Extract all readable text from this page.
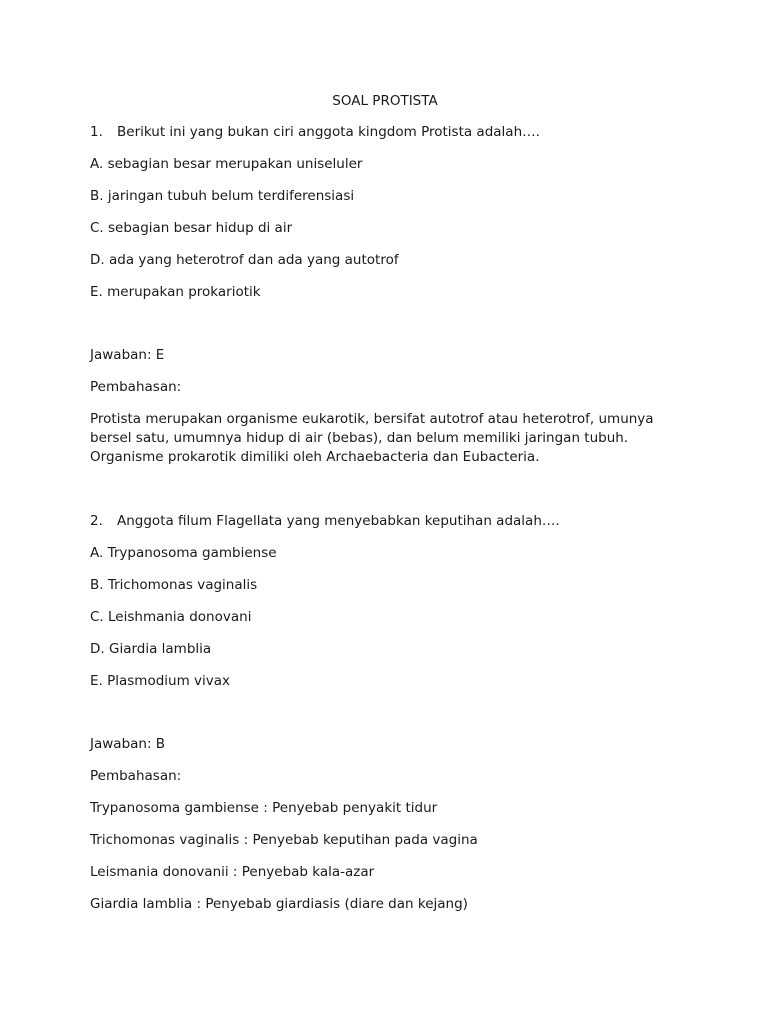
SOAL PROTISTA
1. Berikut ini yang bukan ciri anggota kingdom Protista adalah….
A. sebagian besar merupakan uniseluler
B. jaringan tubuh belum terdiferensiasi
C. sebagian besar hidup di air
D. ada yang heterotrof dan ada yang autotrof
E. merupakan prokariotik
Jawaban: E
Pembahasan:
Protista merupakan organisme eukarotik, bersifat autotrof atau heterotrof, umunya bersel satu, umumnya hidup di air (bebas), dan belum memiliki jaringan tubuh. Organisme prokarotik dimiliki oleh Archaebacteria dan Eubacteria.
2. Anggota filum Flagellata yang menyebabkan keputihan adalah….
A. Trypanosoma gambiense
B. Trichomonas vaginalis
C. Leishmania donovani
D. Giardia lamblia
E. Plasmodium vivax
Jawaban: B
Pembahasan:
Trypanosoma gambiense : Penyebab penyakit tidur
Trichomonas vaginalis : Penyebab keputihan pada vagina
Leismania donovanii : Penyebab kala-azar
Giardia lamblia : Penyebab giardiasis (diare dan kejang)
